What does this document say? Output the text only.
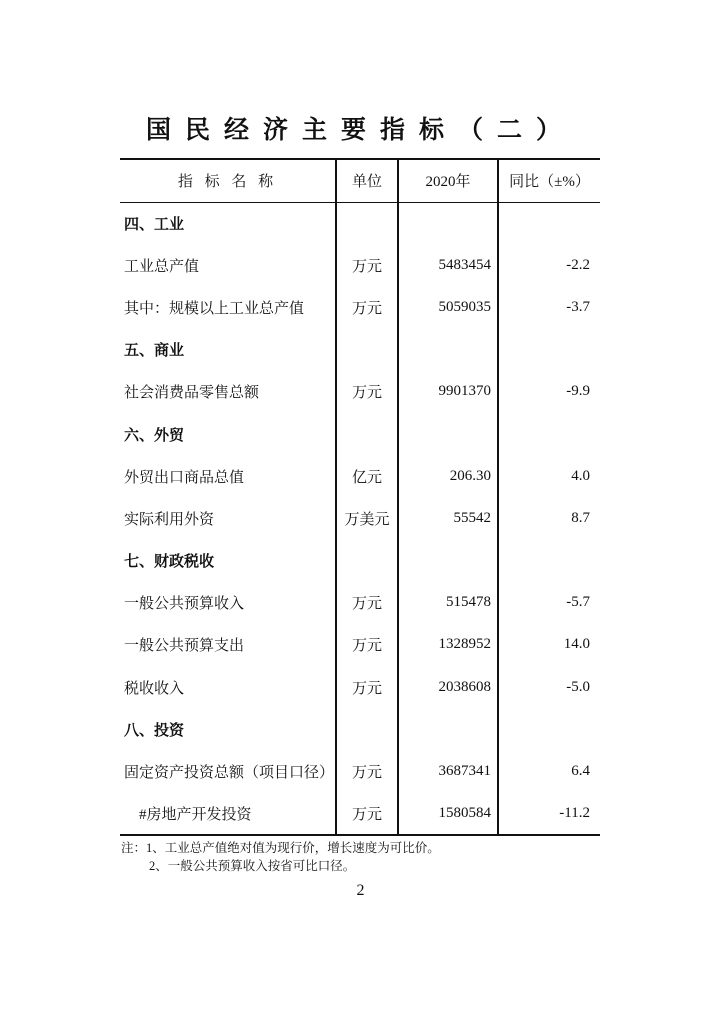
国民经济主要指标（二）
指 标 名 称	单位	2020年	同比（±%）
四、工业			
工业总产值	万元	5483454	-2.2
其中：规模以上工业总产值	万元	5059035	-3.7
五、商业			
社会消费品零售总额	万元	9901370	-9.9
六、外贸			
外贸出口商品总值	亿元	206.30	4.0
实际利用外资	万美元	55542	8.7
七、财政税收			
一般公共预算收入	万元	515478	-5.7
一般公共预算支出	万元	1328952	14.0
税收收入	万元	2038608	-5.0
八、投资			
固定资产投资总额（项目口径）	万元	3687341	6.4
　#房地产开发投资	万元	1580584	-11.2
注：1、工业总产值绝对值为现行价，增长速度为可比价。
2、一般公共预算收入按省可比口径。
2
